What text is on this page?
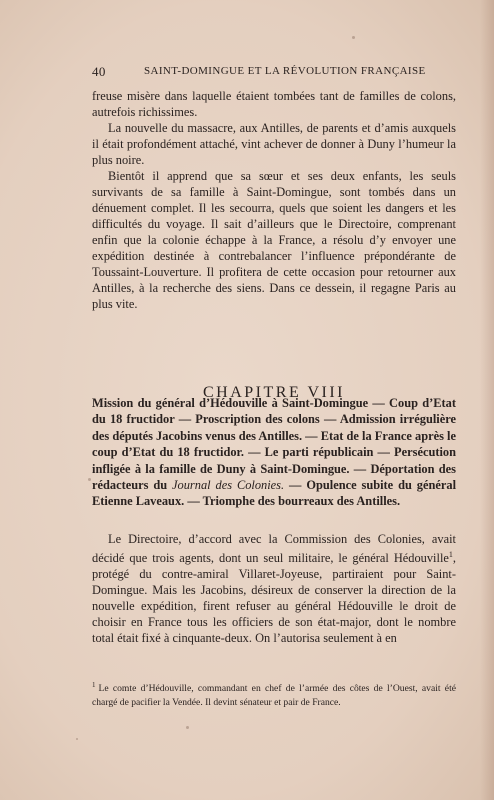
40	SAINT-DOMINGUE ET LA RÉVOLUTION FRANÇAISE

freuse misère dans laquelle étaient tombées tant de familles de colons, autrefois richissimes.

La nouvelle du massacre, aux Antilles, de parents et d’amis auxquels il était profondément attaché, vint achever de donner à Duny l’humeur la plus noire.

Bientôt il apprend que sa sœur et ses deux enfants, les seuls survivants de sa famille à Saint-Domingue, sont tombés dans un dénuement complet. Il les secourra, quels que soient les dangers et les difficultés du voyage. Il sait d’ailleurs que le Directoire, comprenant enfin que la colonie échappe à la France, a résolu d’y envoyer une expédition destinée à contrebalancer l’influence prépondérante de Toussaint-Louverture. Il profitera de cette occasion pour retourner aux Antilles, à la recherche des siens. Dans ce dessein, il regagne Paris au plus vite.

CHAPITRE VIII
Mission du général d’Hédouville à Saint-Domingue — Coup d’Etat du 18 fructidor — Proscription des colons — Admission irrégulière des députés Jacobins venus des Antilles. — Etat de la France après le coup d’Etat du 18 fructidor. — Le parti républicain — Persécution infligée à la famille de Duny à Saint-Domingue. — Déportation des rédacteurs du Journal des Colonies. — Opulence subite du général Etienne Laveaux. — Triomphe des bourreaux des Antilles.

Le Directoire, d’accord avec la Commission des Colonies, avait décidé que trois agents, dont un seul militaire, le général Hédouville$^1$, protégé du contre-amiral Villaret-Joyeuse, partiraient pour Saint-Domingue. Mais les Jacobins, désireux de conserver la direction de la nouvelle expédition, firent refuser au général Hédouville le droit de choisir en France tous les officiers de son état-major, dont le nombre total était fixé à cinquante-deux. On l’autorisa seulement à en

$^1$ Le comte d’Hédouville, commandant en chef de l’armée des côtes de l’Ouest, avait été chargé de pacifier la Vendée. Il devint sénateur et pair de France.
